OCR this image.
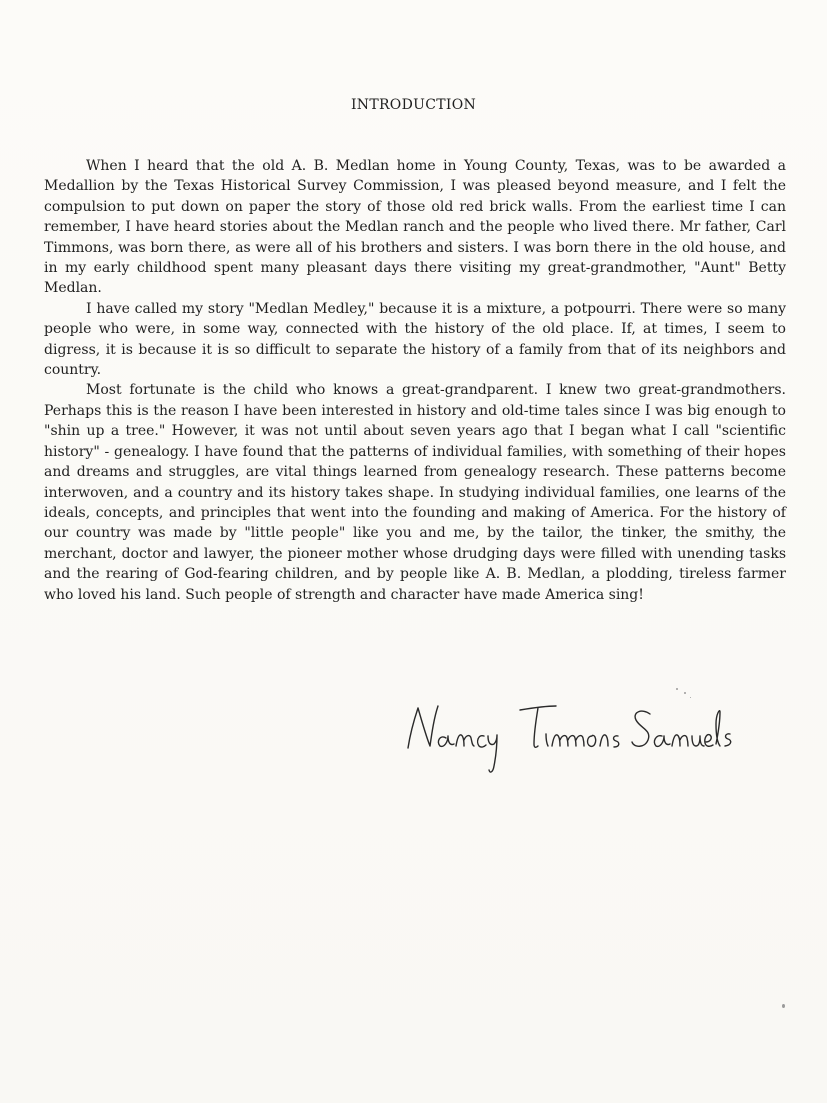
INTRODUCTION

When I heard that the old A. B. Medlan home in Young County, Texas, was to be awarded a Medallion by the Texas Historical Survey Commission, I was pleased beyond measure, and I felt the compulsion to put down on paper the story of those old red brick walls. From the earliest time I can remember, I have heard stories about the Medlan ranch and the people who lived there. Mr father, Carl Timmons, was born there, as were all of his brothers and sisters. I was born there in the old house, and in my early childhood spent many pleasant days there visiting my great-grandmother, "Aunt" Betty Medlan.

I have called my story "Medlan Medley," because it is a mixture, a potpourri. There were so many people who were, in some way, connected with the history of the old place. If, at times, I seem to digress, it is because it is so difficult to separate the history of a family from that of its neighbors and country.

Most fortunate is the child who knows a great-grandparent. I knew two great-grandmothers. Perhaps this is the reason I have been interested in history and old-time tales since I was big enough to "shin up a tree." However, it was not until about seven years ago that I began what I call "scientific history" - genealogy. I have found that the patterns of individual families, with something of their hopes and dreams and struggles, are vital things learned from genealogy research. These patterns become interwoven, and a country and its history takes shape. In studying individual families, one learns of the ideals, concepts, and principles that went into the founding and making of America. For the history of our country was made by "little people" like you and me, by the tailor, the tinker, the smithy, the merchant, doctor and lawyer, the pioneer mother whose drudging days were filled with unending tasks and the rearing of God-fearing children, and by people like A. B. Medlan, a plodding, tireless farmer who loved his land. Such people of strength and character have made America sing!
